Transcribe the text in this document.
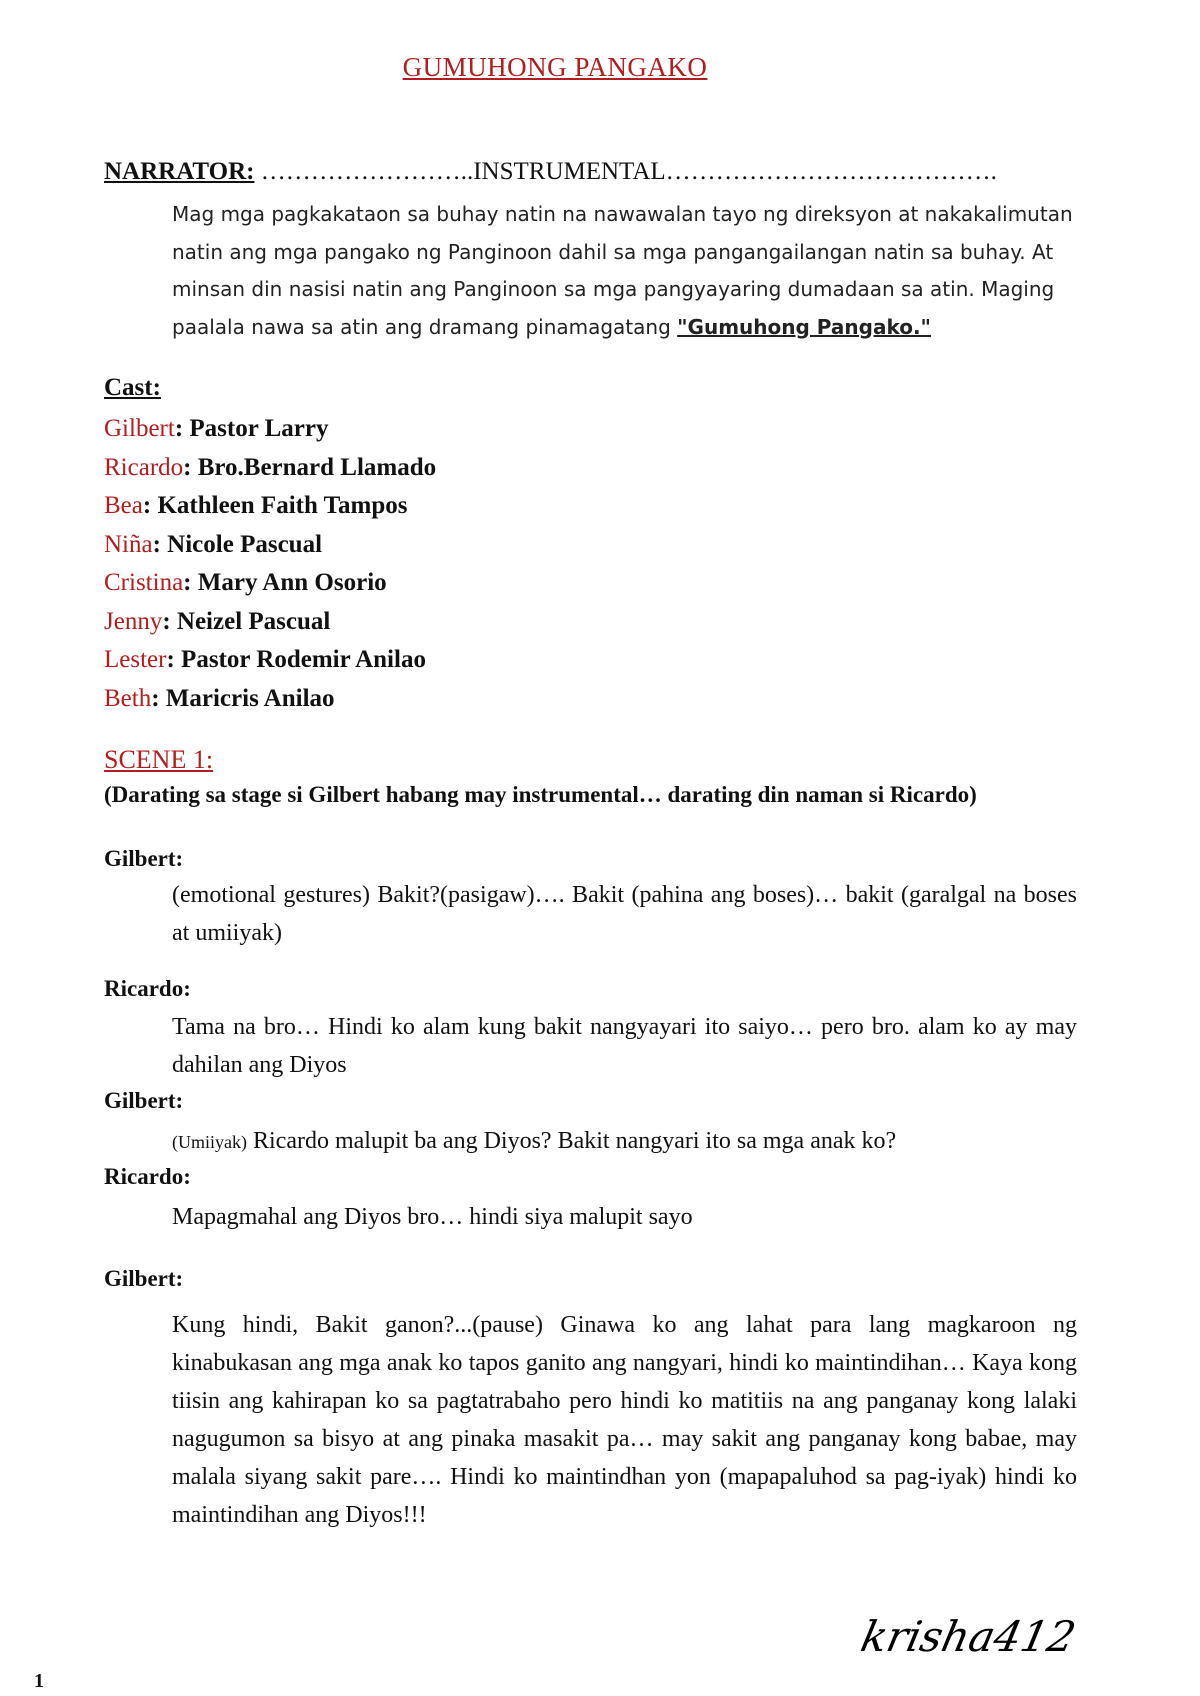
GUMUHONG PANGAKO
NARRATOR: ……………………..INSTRUMENTAL………………………………….
Mag mga pagkakataon sa buhay natin na nawawalan tayo ng direksyon at nakakalimutan natin ang mga pangako ng Panginoon dahil sa mga pangangailangan natin sa buhay. At minsan din nasisi natin ang Panginoon sa mga pangyayaring dumadaan sa atin. Maging paalala nawa sa atin ang dramang pinamagatang "Gumuhong Pangako."
Cast:
Gilbert: Pastor Larry
Ricardo: Bro.Bernard Llamado
Bea: Kathleen Faith Tampos
Niña: Nicole Pascual
Cristina: Mary Ann Osorio
Jenny: Neizel Pascual
Lester: Pastor Rodemir Anilao
Beth: Maricris Anilao
SCENE 1:
(Darating sa stage si Gilbert habang may instrumental… darating din naman si Ricardo)
Gilbert:
(emotional gestures) Bakit?(pasigaw)…. Bakit (pahina ang boses)… bakit (garalgal na boses at umiiyak)
Ricardo:
Tama na bro… Hindi ko alam kung bakit nangyayari ito saiyo… pero bro. alam ko ay may dahilan ang Diyos
Gilbert:
(Umiiyak) Ricardo malupit ba ang Diyos? Bakit nangyari ito sa mga anak ko?
Ricardo:
Mapagmahal ang Diyos bro… hindi siya malupit sayo
Gilbert:
Kung hindi, Bakit ganon?...(pause) Ginawa ko ang lahat para lang magkaroon ng kinabukasan ang mga anak ko tapos ganito ang nangyari, hindi ko maintindihan… Kaya kong tiisin ang kahirapan ko sa pagtatrabaho pero hindi ko matitiis na ang panganay kong lalaki nagugumon sa bisyo at ang pinaka masakit pa… may sakit ang panganay kong babae, may malala siyang sakit pare…. Hindi ko maintindhan yon (mapapaluhod sa pag-iyak) hindi ko maintindihan ang Diyos!!!
krisha412
1
